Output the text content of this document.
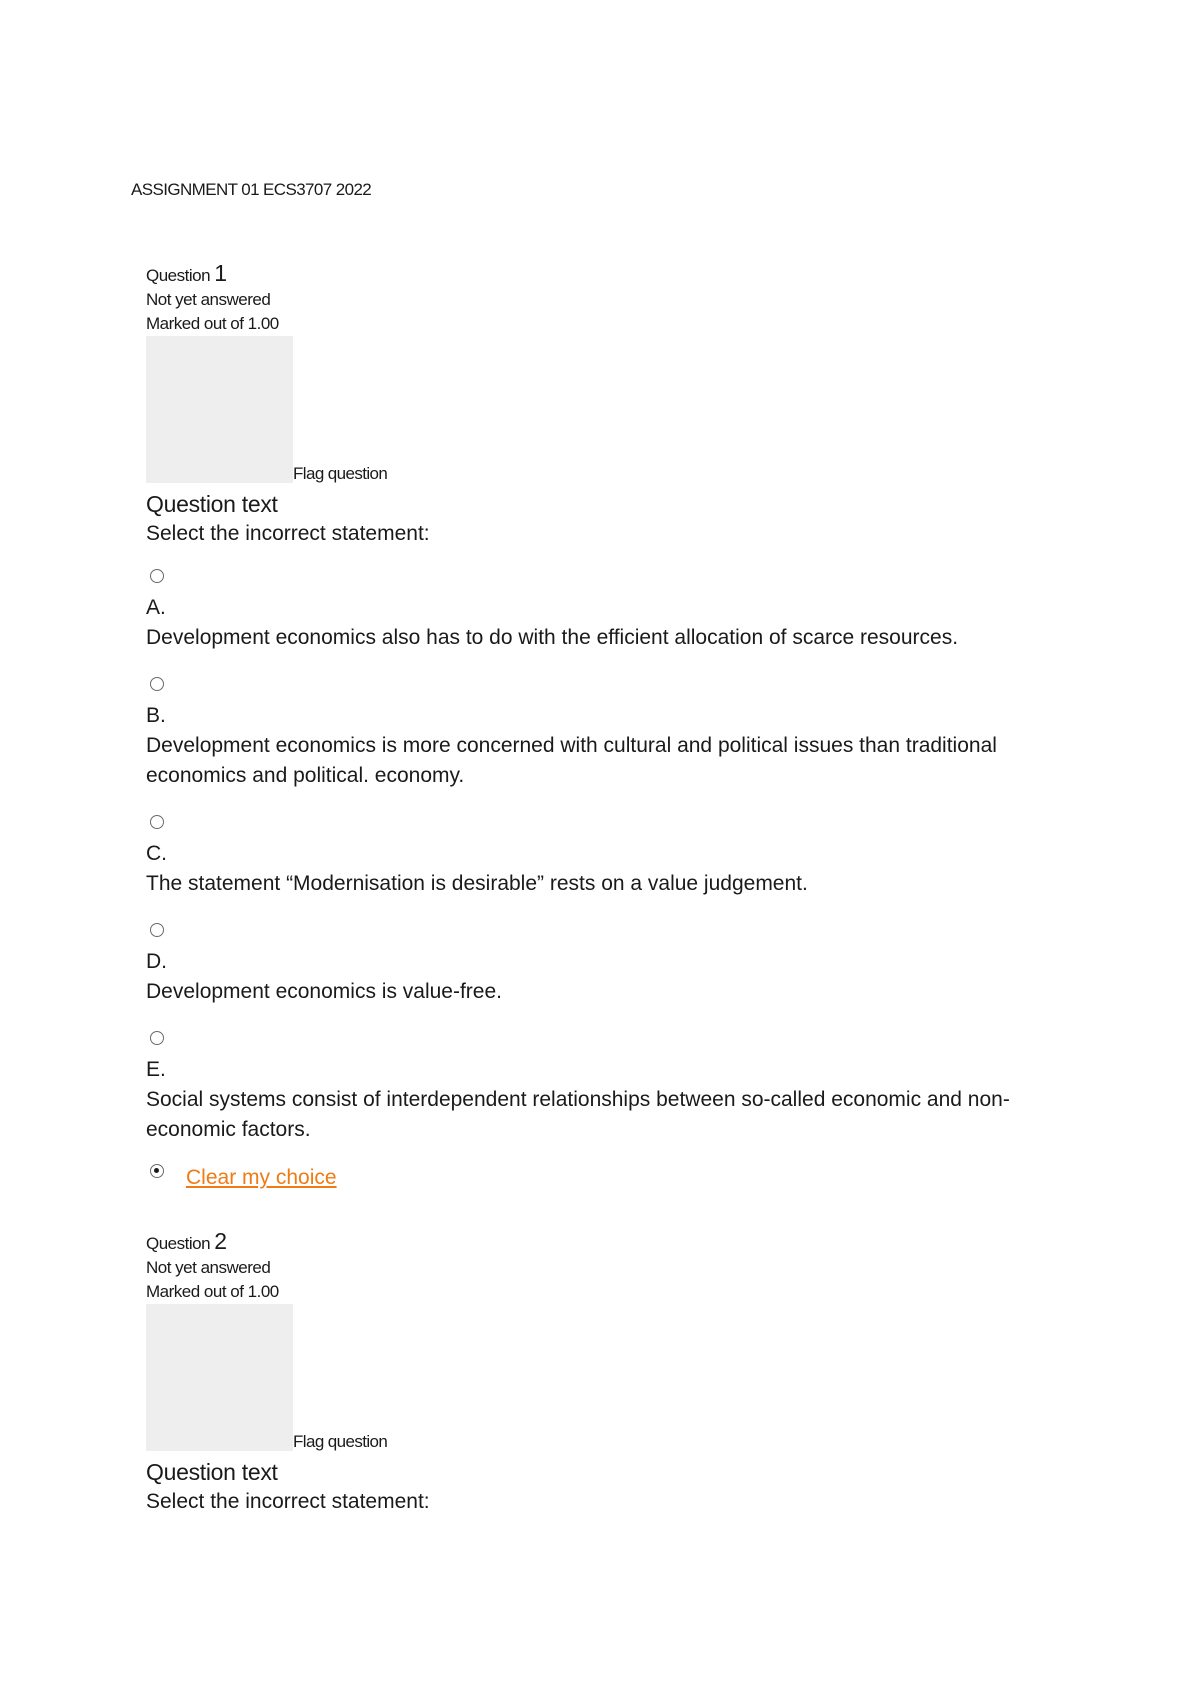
ASSIGNMENT 01 ECS3707 2022
Question 1
Not yet answered
Marked out of 1.00
Flag question
Question text
Select the incorrect statement:
A.
Development economics also has to do with the efficient allocation of scarce resources.
B.
Development economics is more concerned with cultural and political issues than traditional economics and political. economy.
C.
The statement “Modernisation is desirable” rests on a value judgement.
D.
Development economics is value-free.
E.
Social systems consist of interdependent relationships between so-called economic and non-economic factors.
Clear my choice
Question 2
Not yet answered
Marked out of 1.00
Flag question
Question text
Select the incorrect statement:
